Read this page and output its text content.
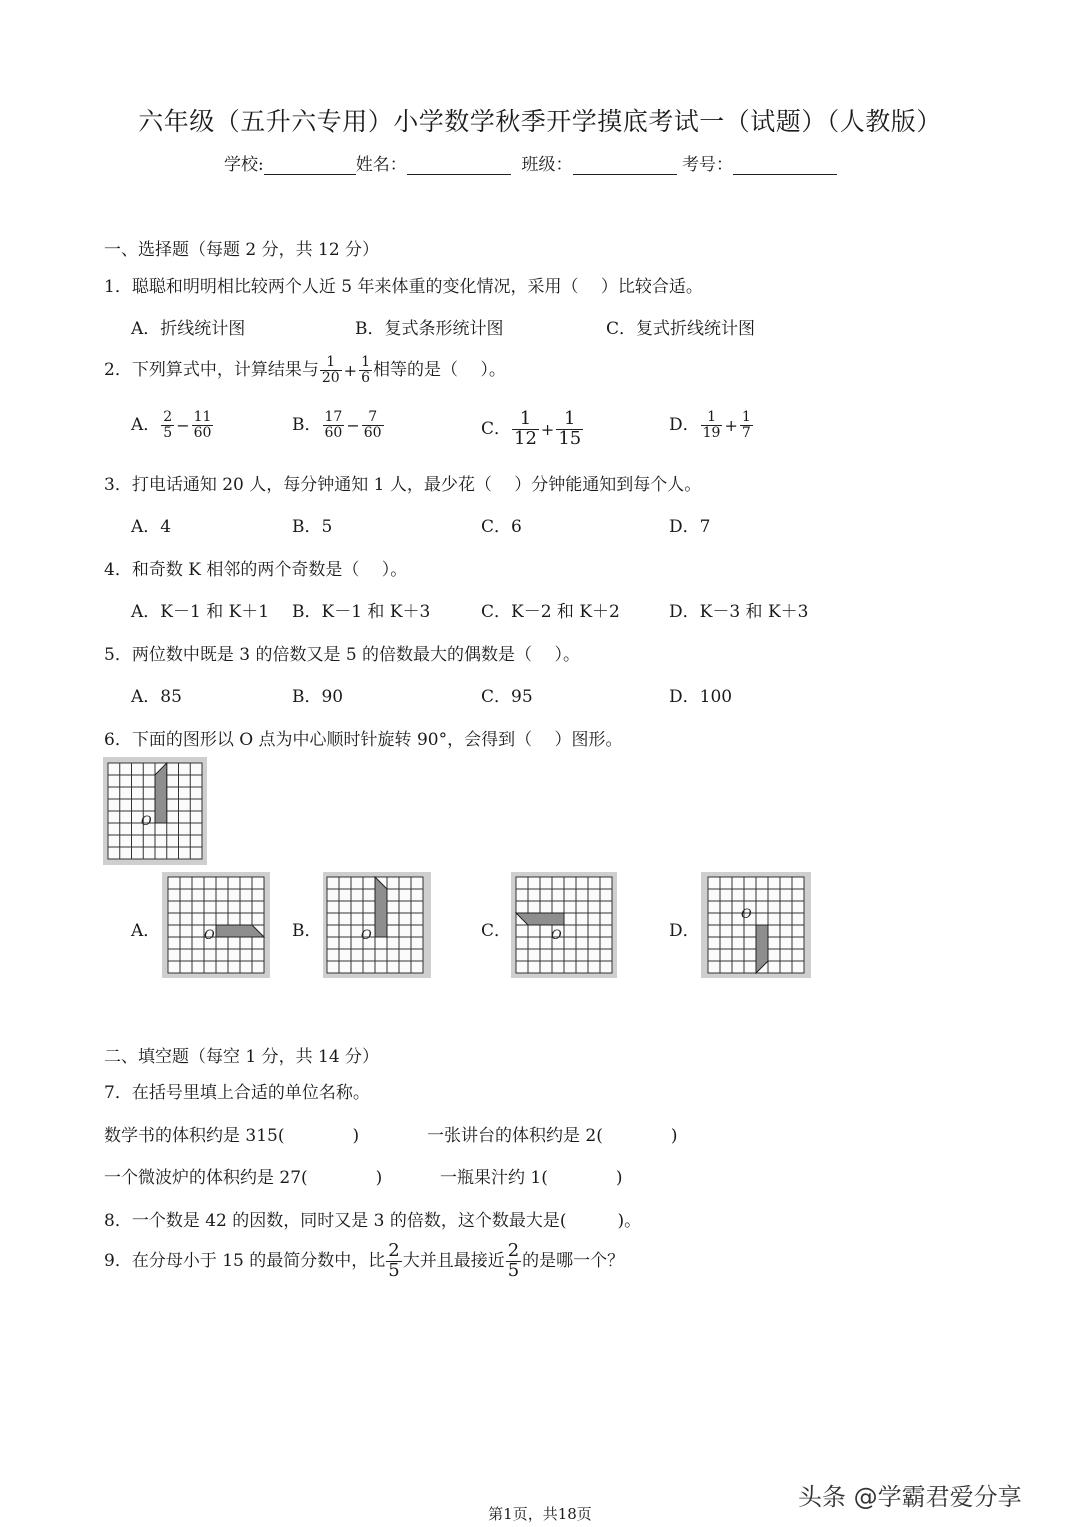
六年级（五升六专用）小学数学秋季开学摸底考试一（试题）（人教版）
学校:	姓名：	班级：	考号：
一、选择题（每题 2 分，共 12 分）
1．聪聪和明明相比较两个人近 5 年来体重的变化情况，采用（　 ）比较合适。
A．折线统计图	B．复式条形统计图	C．复式折线统计图
2．下列算式中，计算结果与 $\frac{1}{20} + \frac{1}{6}$ 相等的是（　 ）。
A． $\frac{2}{5} - \frac{11}{60}$	B． $\frac{17}{60} - \frac{7}{60}$	C． $\frac{1}{12} + \frac{1}{15}$	D． $\frac{1}{19} + \frac{1}{7}$
3．打电话通知 20 人，每分钟通知 1 人，最少花（　 ）分钟能通知到每个人。
A．4	B．5	C．6	D．7
4．和奇数 K 相邻的两个奇数是（　 ）。
A．K－1 和 K＋1 B．K－1 和 K＋3	C．K－2 和 K＋2	D．K－3 和 K＋3
5．两位数中既是 3 的倍数又是 5 的倍数最大的偶数是（　 ）。
A．85	B．90	C．95	D．100
6．下面的图形以 O 点为中心顺时针旋转 90°，会得到（　 ）图形。
O
A．	B．	C．	D．
O	O	O
O
二、填空题（每空 1 分，共 14 分）
7．在括号里填上合适的单位名称。
数学书的体积约是 315(　　　　)	一张讲台的体积约是 2(　　　　)
一个微波炉的体积约是 27(　　　　)	一瓶果汁约 1(　　　　)
8．一个数是 42 的因数，同时又是 3 的倍数，这个数最大是(　　　)。
9．在分母小于 15 的最简分数中，比 $\frac{2}{5}$ 大并且最接近 $\frac{2}{5}$ 的是哪一个？
头条 @学霸君爱分享
第1页，共18页
